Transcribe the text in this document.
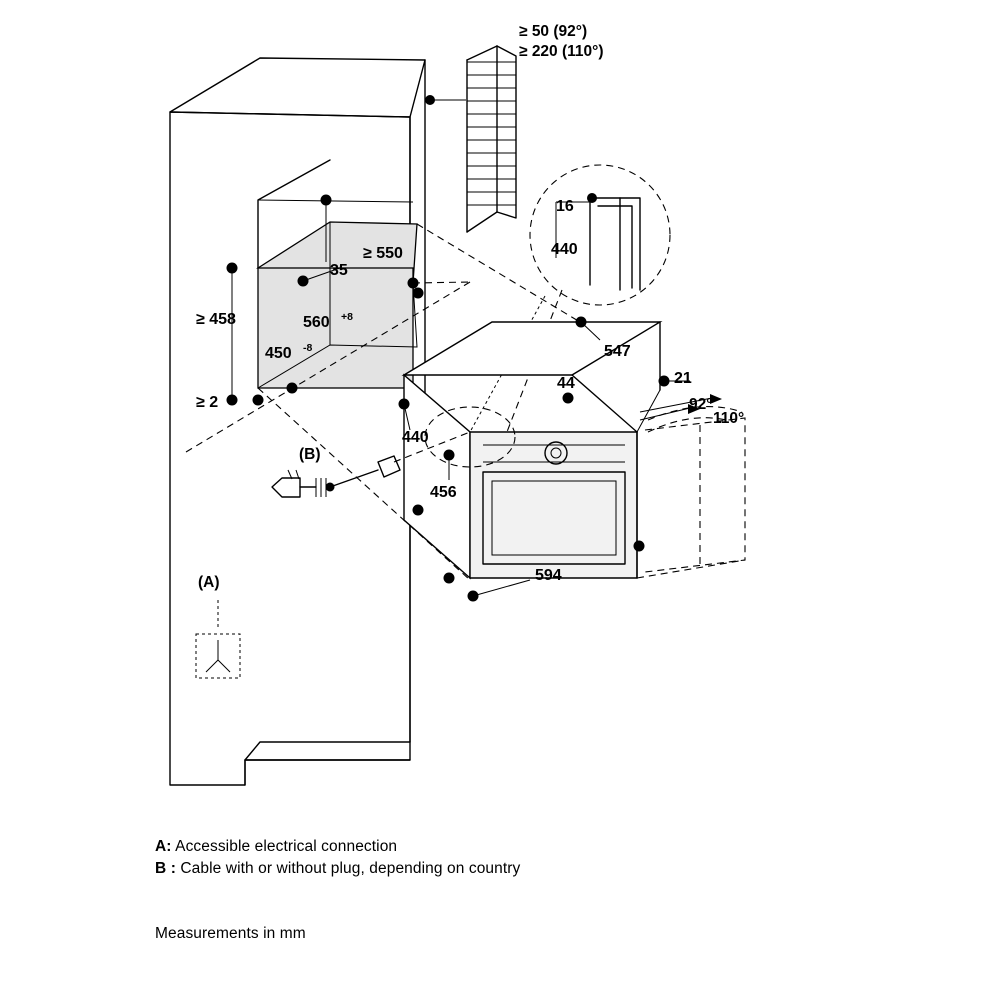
≥ 50 (92°)
≥ 220 (110°)
≥ 550
35
≥ 458	560 +8
450 -8
≥ 2
16
440
547
44	21
92°
110°
440
456
594
(B)
(A)
A: Accessible electrical connection
B : Cable with or without plug, depending on country
Measurements in mm
